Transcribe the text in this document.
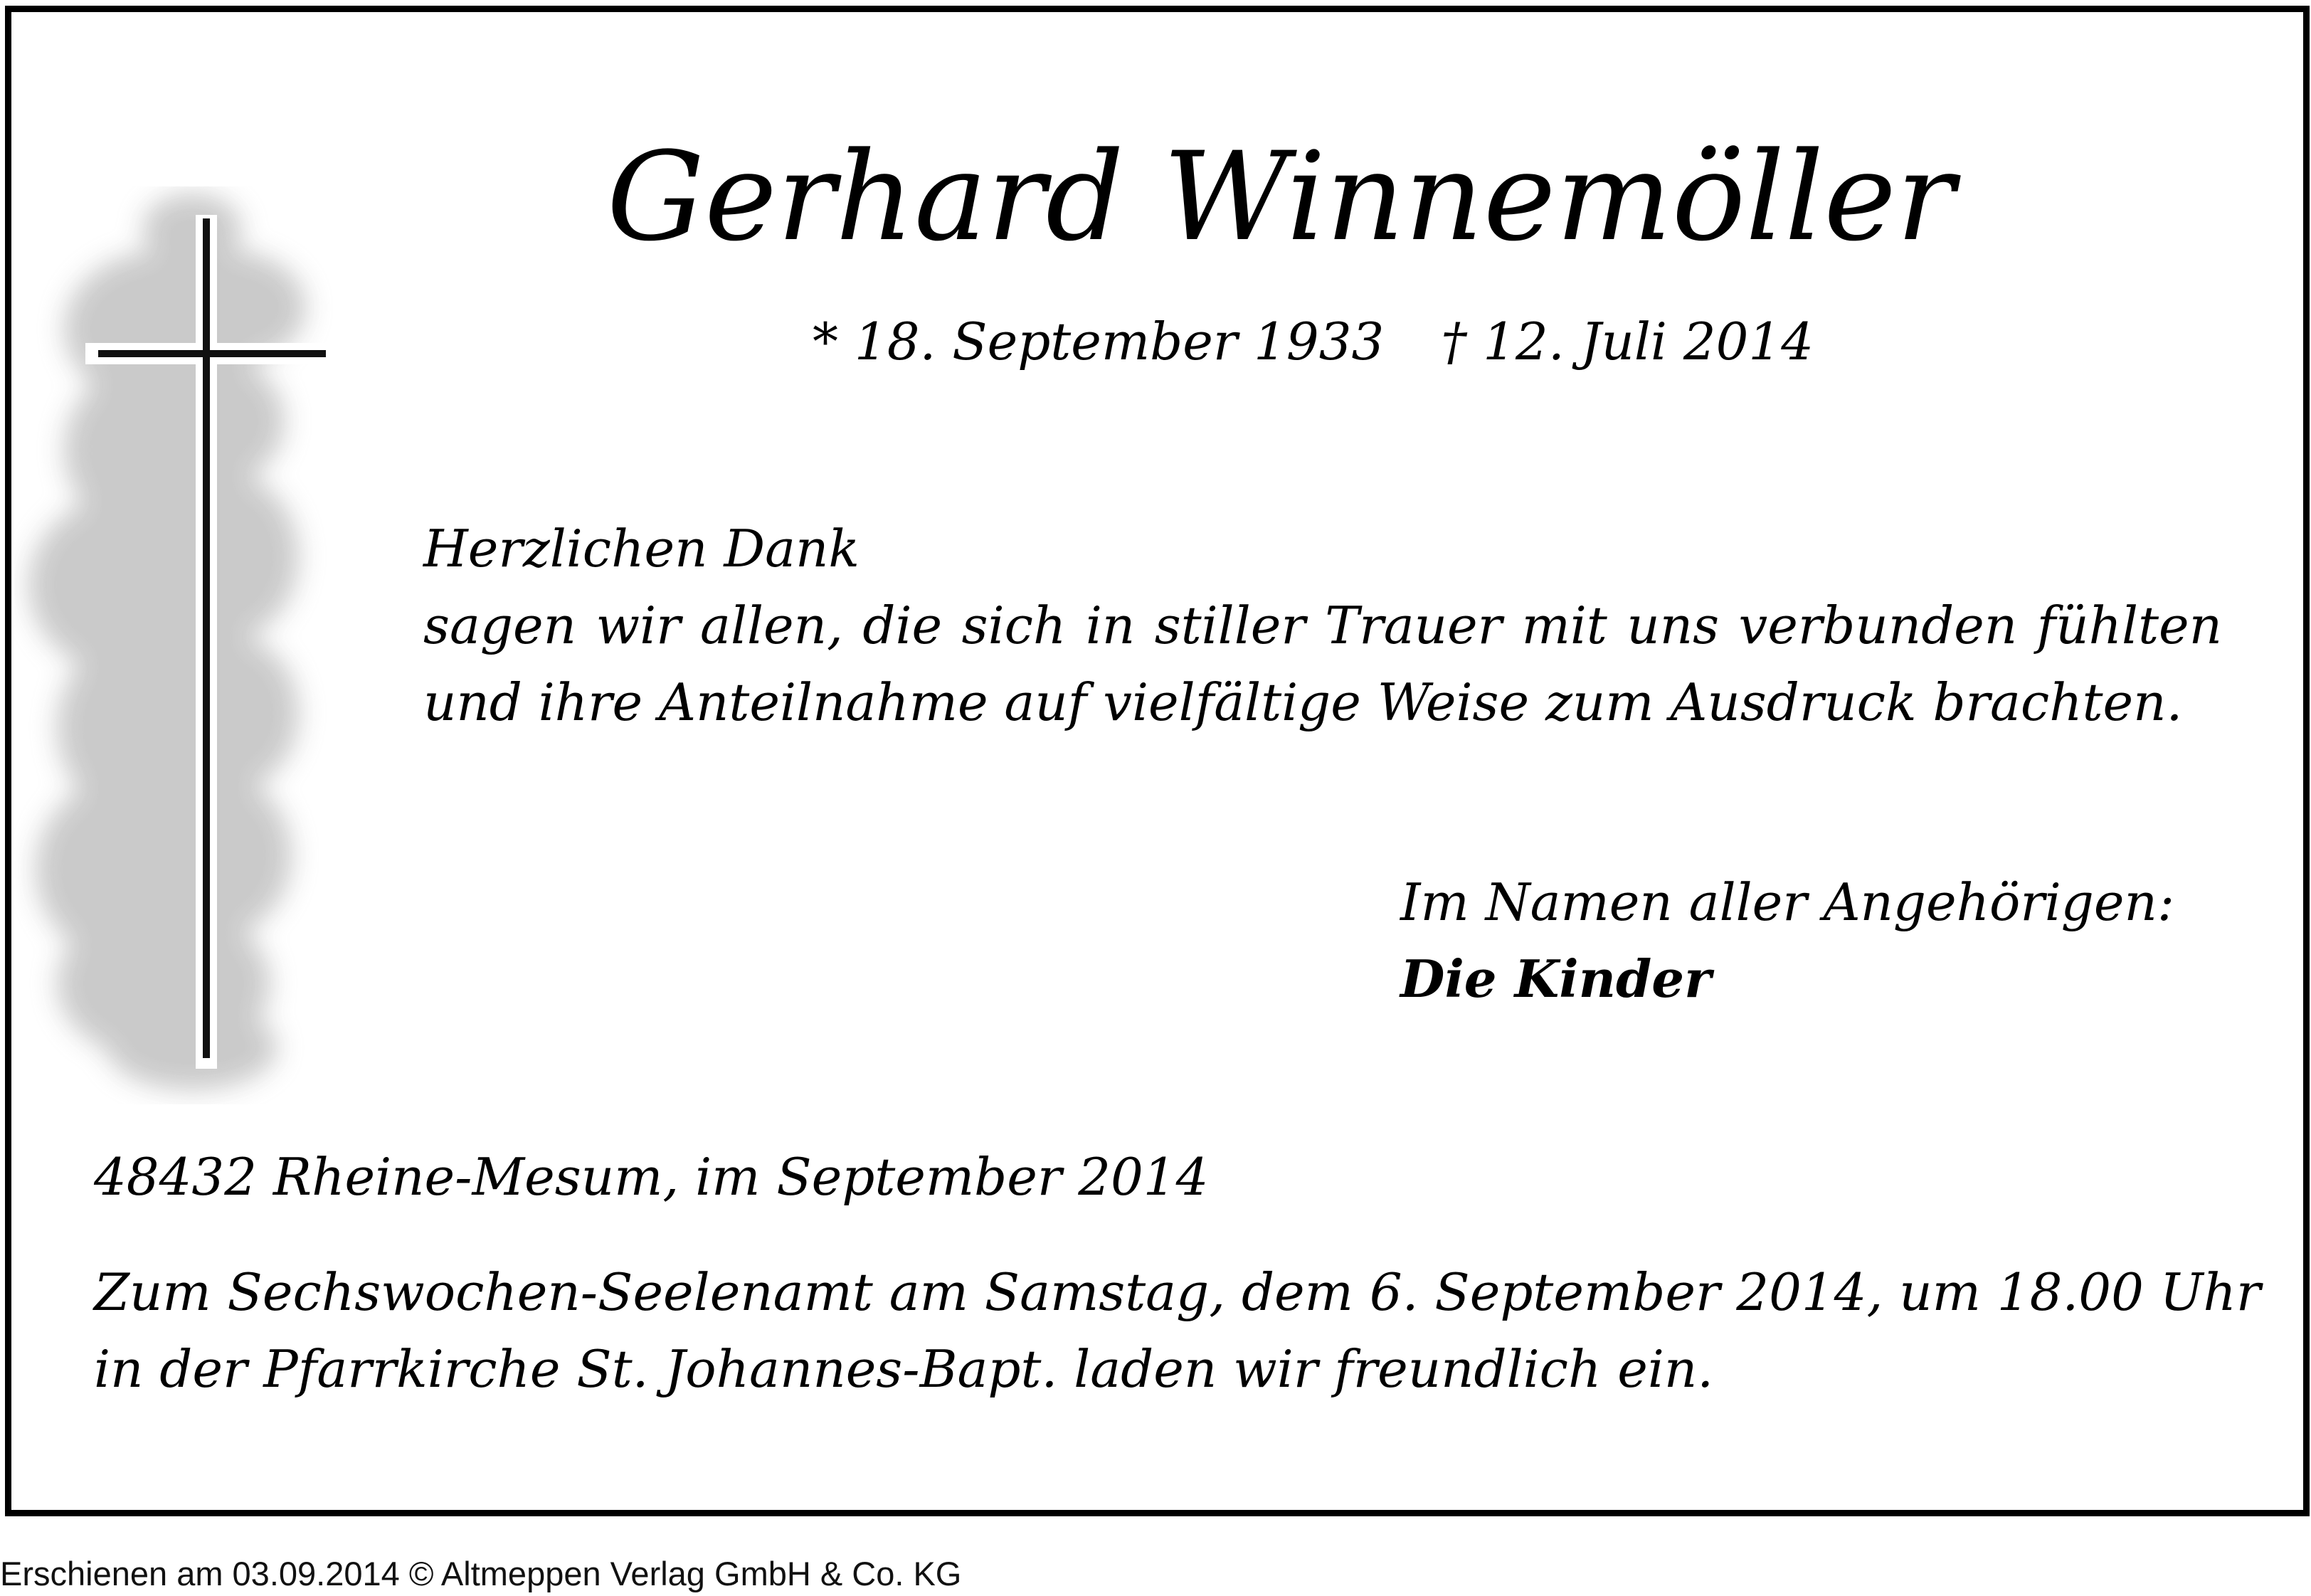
Gerhard Winnemöller
* 18. September 1933 † 12. Juli 2014
Herzlichen Dank
sagen wir allen, die sich in stiller Trauer mit uns verbunden fühlten
und ihre Anteilnahme auf vielfältige Weise zum Ausdruck brachten.
Im Namen aller Angehörigen:
Die Kinder
48432 Rheine-Mesum, im September 2014
Zum Sechswochen-Seelenamt am Samstag, dem 6. September 2014, um 18.00 Uhr
in der Pfarrkirche St. Johannes-Bapt. laden wir freundlich ein.
Erschienen am 03.09.2014 © Altmeppen Verlag GmbH & Co. KG
